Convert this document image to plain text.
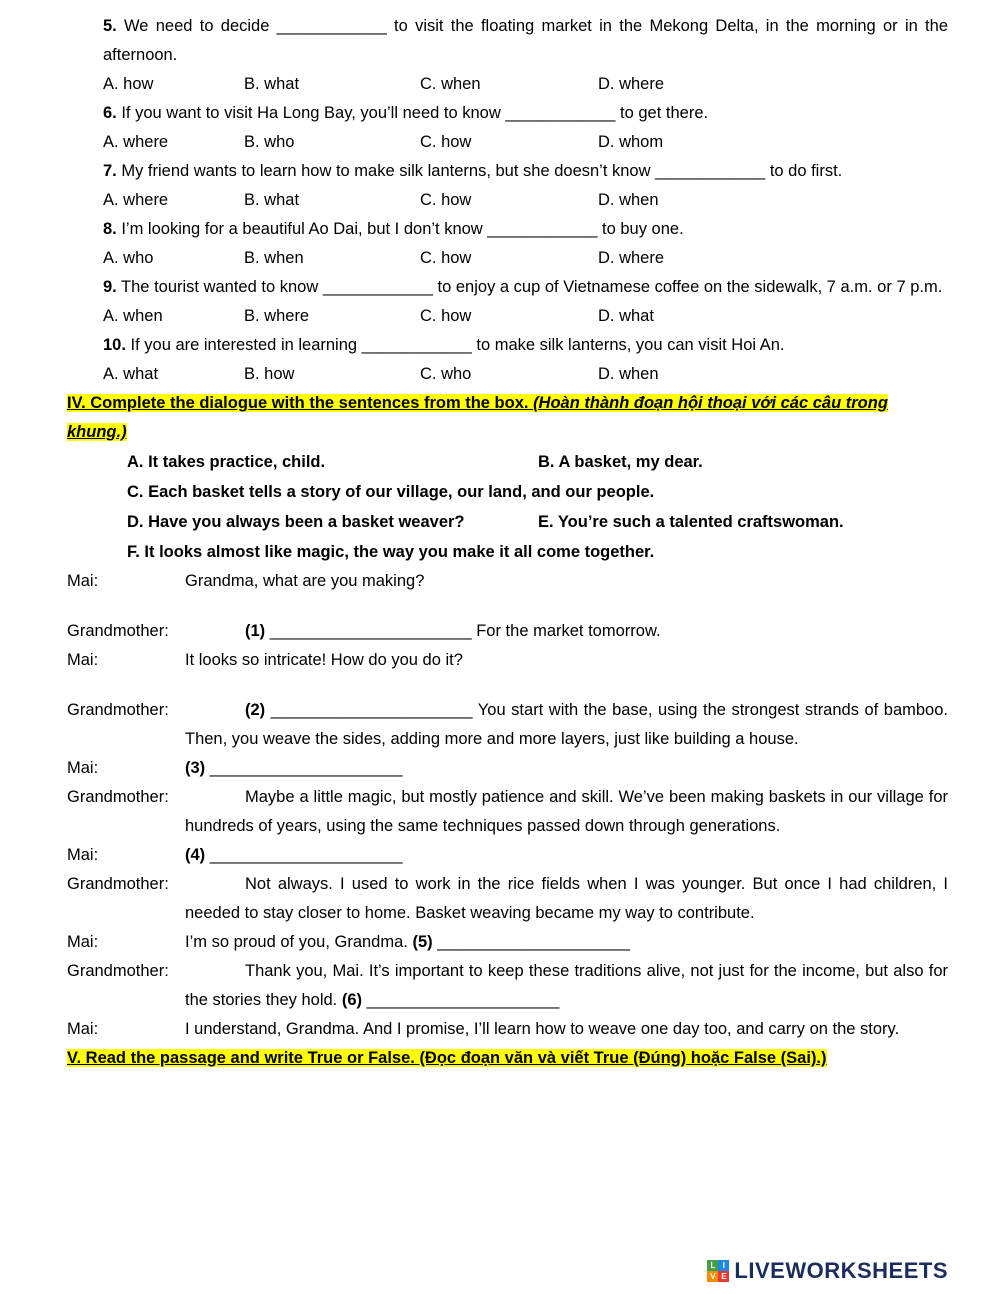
5. We need to decide ____________ to visit the floating market in the Mekong Delta, in the morning or in the afternoon.

A. how	B. what	C. when	D. where

6. If you want to visit Ha Long Bay, you’ll need to know ____________ to get there.

A. where	B. who	C. how	D. whom

7. My friend wants to learn how to make silk lanterns, but she doesn’t know ____________ to do first.

A. where	B. what	C. how	D. when

8. I’m looking for a beautiful Ao Dai, but I don’t know ____________ to buy one.

A. who	B. when	C. how	D. where

9. The tourist wanted to know ____________ to enjoy a cup of Vietnamese coffee on the sidewalk, 7 a.m. or 7 p.m.

A. when	B. where	C. how	D. what

10. If you are interested in learning ____________ to make silk lanterns, you can visit Hoi An.

A. what	B. how	C. who	D. when

IV. Complete the dialogue with the sentences from the box. (Hoàn thành đoạn hội thoại với các câu trong khung.)

A. It takes practice, child.	B. A basket, my dear.
C. Each basket tells a story of our village, our land, and our people.
D. Have you always been a basket weaver?	E. You’re such a talented craftswoman.
F. It looks almost like magic, the way you make it all come together.
Mai:	Grandma, what are you making?

Grandmother:	(1) ______________________ For the market tomorrow.

Mai:	It looks so intricate! How do you do it?

Grandmother:	(2) ______________________ You start with the base, using the strongest strands of bamboo. Then, you weave the sides, adding more and more layers, just like building a house.

Mai:	(3) _____________________

Grandmother:	Maybe a little magic, but mostly patience and skill. We’ve been making baskets in our village for hundreds of years, using the same techniques passed down through generations.

Mai:	(4) _____________________

Grandmother:	Not always. I used to work in the rice fields when I was younger. But once I had children, I needed to stay closer to home. Basket weaving became my way to contribute.

Mai:	I’m so proud of you, Grandma. (5) _____________________

Grandmother:	Thank you, Mai. It’s important to keep these traditions alive, not just for the income, but also for the stories they hold. (6) _____________________

Mai:	I understand, Grandma. And I promise, I’ll learn how to weave one day too, and carry on the story.

V. Read the passage and write True or False. (Đọc đoạn văn và viết True (Đúng) hoặc False (Sai).)

L I
V E LIVEWORKSHEETS
